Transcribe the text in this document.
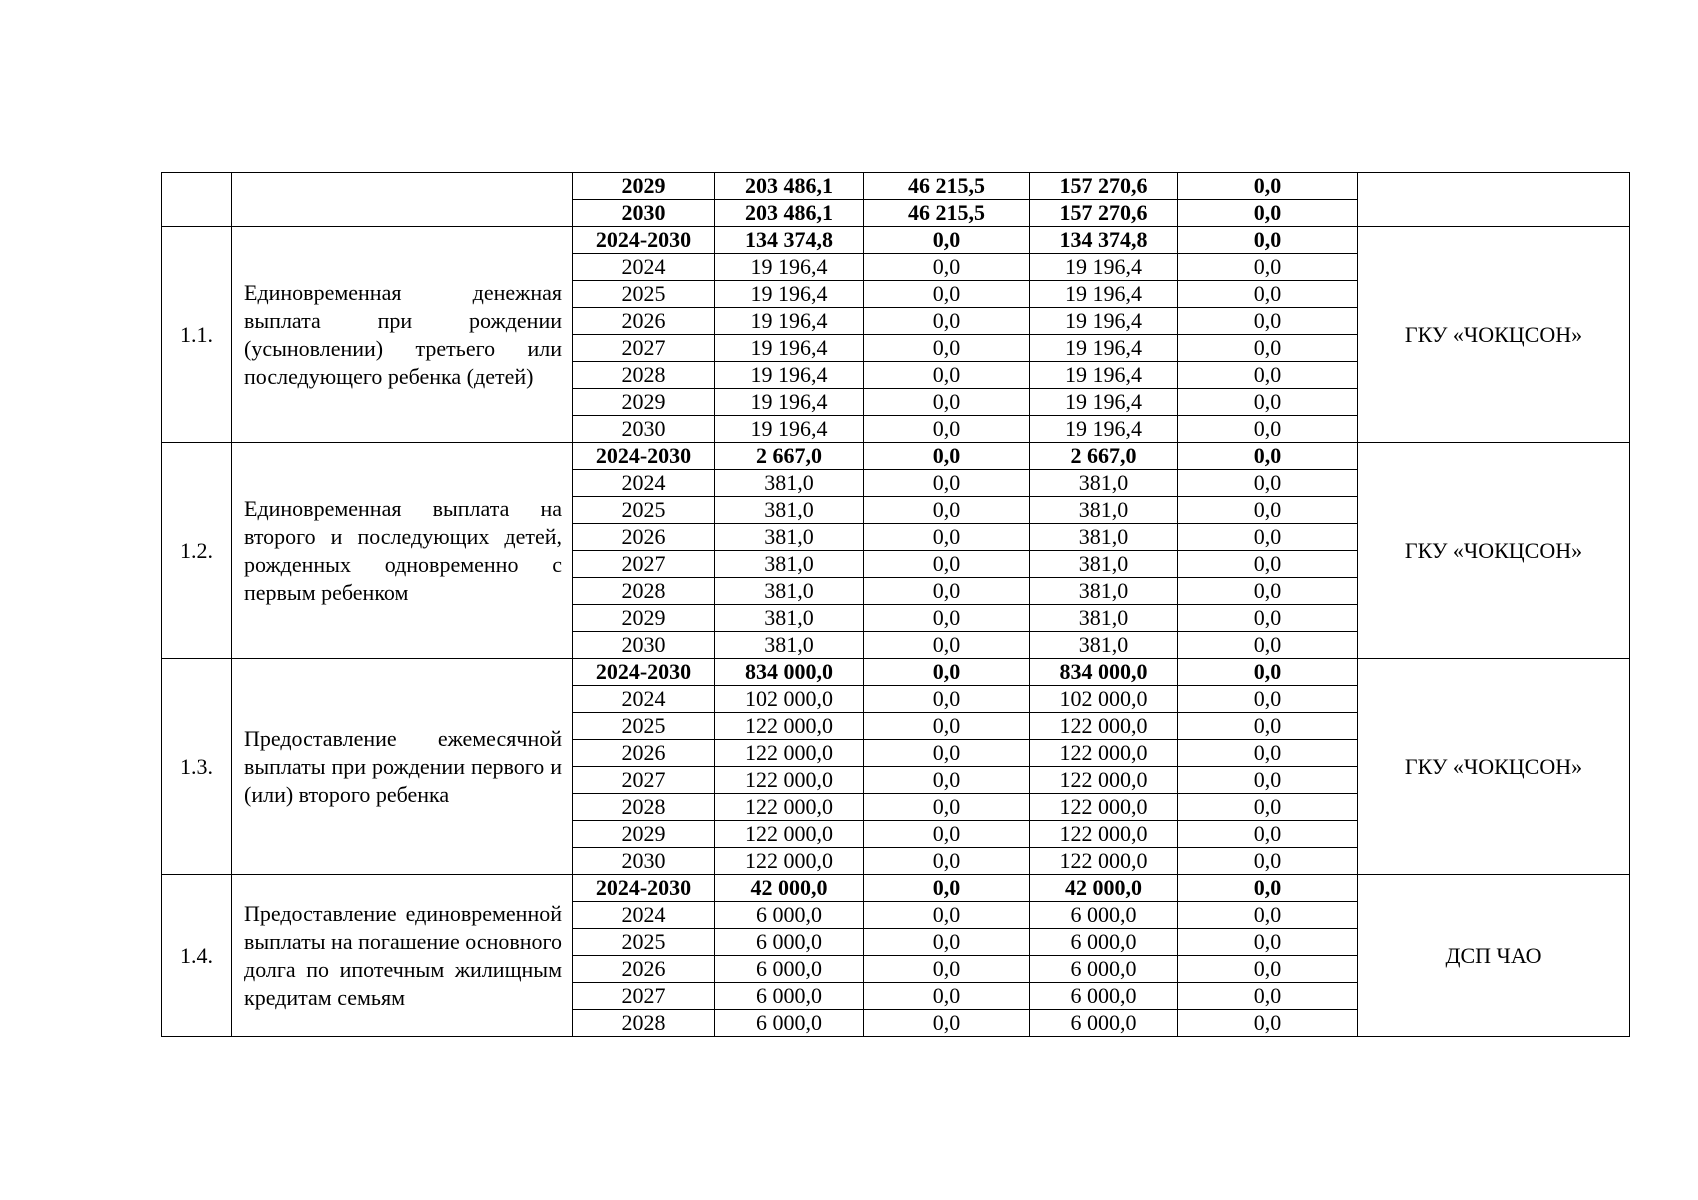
		2029	203 486,1	46 215,5	157 270,6	0,0	
		2030	203 486,1	46 215,5	157 270,6	0,0	
1.1.	Единовременная денежная выплата при рождении (усыновлении) третьего или последующего ребенка (детей)	2024-2030	134 374,8	0,0	134 374,8	0,0	ГКУ «ЧОКЦСОН»
		2024	19 196,4	0,0	19 196,4	0,0	
		2025	19 196,4	0,0	19 196,4	0,0	
		2026	19 196,4	0,0	19 196,4	0,0	
		2027	19 196,4	0,0	19 196,4	0,0	
		2028	19 196,4	0,0	19 196,4	0,0	
		2029	19 196,4	0,0	19 196,4	0,0	
		2030	19 196,4	0,0	19 196,4	0,0	
1.2.	Единовременная выплата на второго и последующих детей, рожденных одновременно с первым ребенком	2024-2030	2 667,0	0,0	2 667,0	0,0	ГКУ «ЧОКЦСОН»
		2024	381,0	0,0	381,0	0,0	
		2025	381,0	0,0	381,0	0,0	
		2026	381,0	0,0	381,0	0,0	
		2027	381,0	0,0	381,0	0,0	
		2028	381,0	0,0	381,0	0,0	
		2029	381,0	0,0	381,0	0,0	
		2030	381,0	0,0	381,0	0,0	
1.3.	Предоставление ежемесячной выплаты при рождении первого и (или) второго ребенка	2024-2030	834 000,0	0,0	834 000,0	0,0	ГКУ «ЧОКЦСОН»
		2024	102 000,0	0,0	102 000,0	0,0	
		2025	122 000,0	0,0	122 000,0	0,0	
		2026	122 000,0	0,0	122 000,0	0,0	
		2027	122 000,0	0,0	122 000,0	0,0	
		2028	122 000,0	0,0	122 000,0	0,0	
		2029	122 000,0	0,0	122 000,0	0,0	
		2030	122 000,0	0,0	122 000,0	0,0	
1.4.	Предоставление единовременной выплаты на погашение основного долга по ипотечным жилищным кредитам семьям	2024-2030	42 000,0	0,0	42 000,0	0,0	ДСП ЧАО
		2024	6 000,0	0,0	6 000,0	0,0	
		2025	6 000,0	0,0	6 000,0	0,0	
		2026	6 000,0	0,0	6 000,0	0,0	
		2027	6 000,0	0,0	6 000,0	0,0	
		2028	6 000,0	0,0	6 000,0	0,0	
